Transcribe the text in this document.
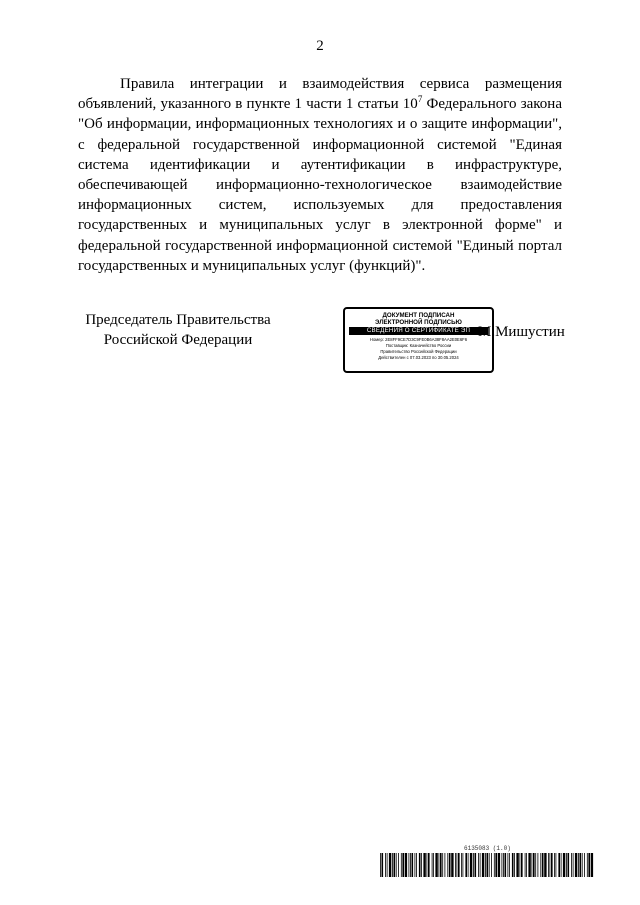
2

Правила интеграции и взаимодействия сервиса размещения объявлений, указанного в пункте 1 части 1 статьи $10^7$ Федерального закона "Об информации, информационных технологиях и о защите информации", с федеральной государственной информационной системой "Единая система идентификации и аутентификации в инфраструктуре, обеспечивающей информационно-технологическое взаимодействие информационных систем, используемых для предоставления государственных и муниципальных услуг в электронной форме" и федеральной государственной информационной системой "Единый портал государственных и муниципальных услуг (функций)".

Председатель Правительства
Российской Федерации
ДОКУМЕНТ ПОДПИСАН
ЭЛЕКТРОННОЙ ПОДПИСЬЮ
СВЕДЕНИЯ О СЕРТИФИКАТЕ ЭП
Номер: 2E8FF9CE7D3C9FE0B6A38F8AA2E0E6F6
Поставщик: Казначейство России
Правительство Российской Федерации
Действителен с 07.03.2023 по 30.05.2024
М.Мишустин
6135083 (1.0)
